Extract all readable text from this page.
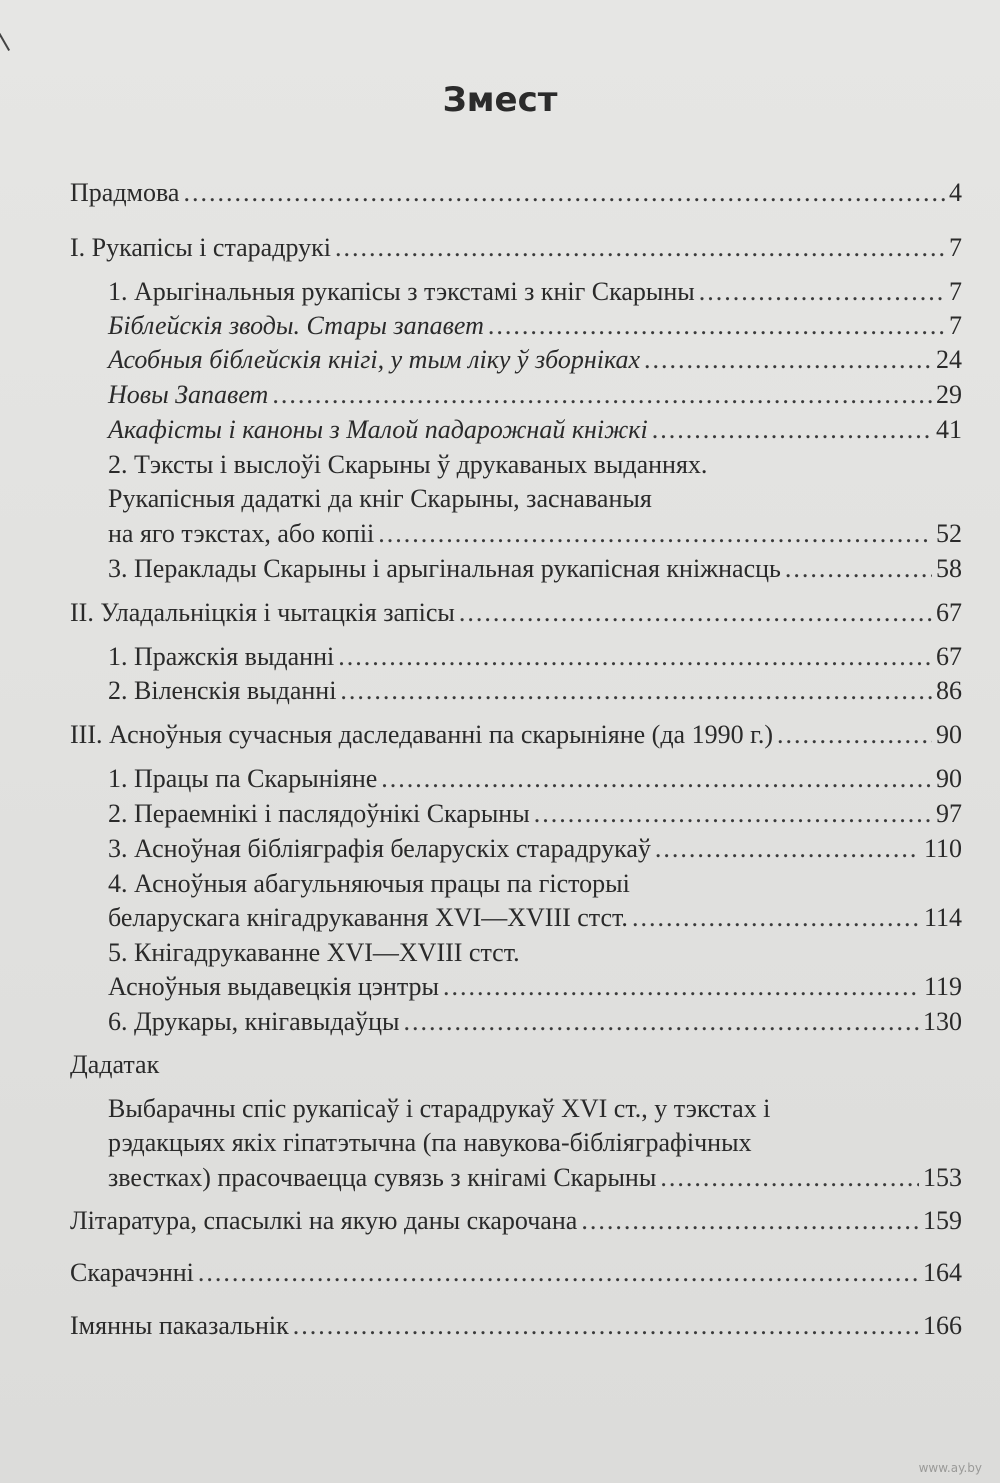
Змест
Прадмова .....	4
I. Рукапісы і старадрукі .....	7
1. Арыгінальныя рукапісы з тэкстамі з кніг Скарыны .....	7
Біблейскія зводы. Стары запавет .....	7
Асобныя біблейскія кнігі, у тым ліку ў зборніках .....	24
Новы Запавет .....	29
Акафісты і каноны з Малой падарожнай кніжкі .....	41
2. Тэксты і выслоўі Скарыны ў друкаваных выданнях.
Рукапісныя дадаткі да кніг Скарыны, заснаваныя
на яго тэкстах, або копіі .....	52
3. Пераклады Скарыны і арыгінальная рукапісная кніжнасць .....	58
II. Уладальніцкія і чытацкія запісы .....	67
1. Пражскія выданні .....	67
2. Віленскія выданні .....	86
III. Асноўныя сучасныя даследаванні па скарыніяне (да 1990 г.) .....	90
1. Працы па Скарыніяне .....	90
2. Пераемнікі і паслядоўнікі Скарыны .....	97
3. Асноўная бібліяграфія беларускіх старадрукаў .....	110
4. Асноўныя абагульняючыя працы па гісторыі
беларускага кнігадрукавання XVI—XVIII стст. .....	114
5. Кнігадрукаванне XVI—XVIII стст.
Асноўныя выдавецкія цэнтры .....	119
6. Друкары, кнігавыдаўцы .....	130
Дадатак
Выбарачны спіс рукапісаў і старадрукаў XVI ст., у тэкстах і
рэдакцыях якіх гіпатэтычна (па навукова-бібліяграфічных
звестках) прасочваецца сувязь з кнігамі Скарыны .....	153
Літаратура, спасылкі на якую даны скарочана .....	159
Скарачэнні .....	164
Імянны паказальнік .....	166
www.ay.by
